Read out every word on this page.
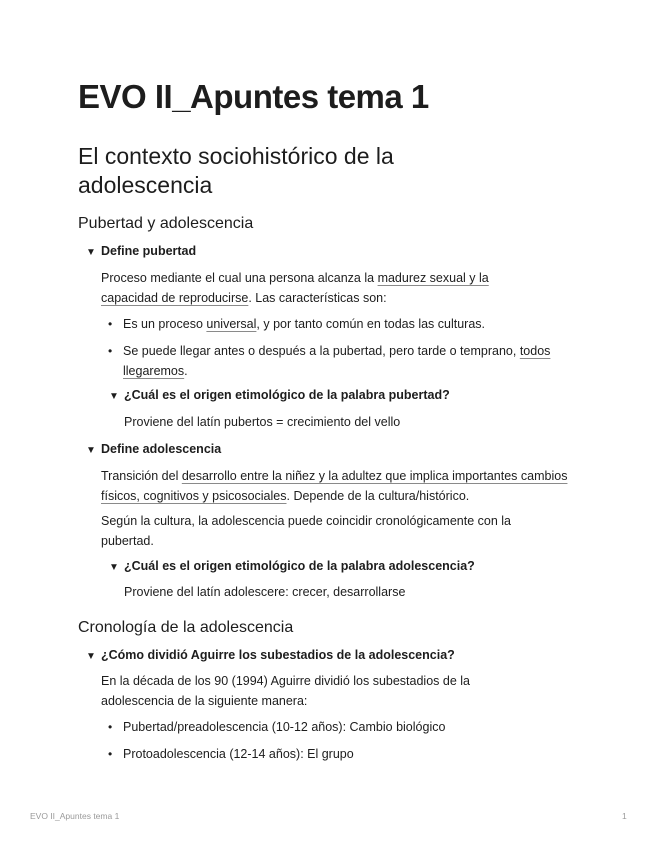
EVO II_Apuntes tema 1
El contexto sociohistórico de la adolescencia
Pubertad y adolescencia
▼ Define pubertad

Proceso mediante el cual una persona alcanza la madurez sexual y la capacidad de reproducirse. Las características son:

• Es un proceso universal, y por tanto común en todas las culturas.
• Se puede llegar antes o después a la pubertad, pero tarde o temprano, todos llegaremos.
▼ ¿Cuál es el origen etimológico de la palabra pubertad?

Proviene del latín pubertos = crecimiento del vello

▼ Define adolescencia

Transición del desarrollo entre la niñez y la adultez que implica importantes cambios físicos, cognitivos y psicosociales. Depende de la cultura/histórico.

Según la cultura, la adolescencia puede coincidir cronológicamente con la pubertad.

▼ ¿Cuál es el origen etimológico de la palabra adolescencia?

Proviene del latín adolescere: crecer, desarrollarse

Cronología de la adolescencia
▼ ¿Cómo dividió Aguirre los subestadios de la adolescencia?

En la década de los 90 (1994) Aguirre dividió los subestadios de la adolescencia de la siguiente manera:

• Pubertad/preadolescencia (10-12 años): Cambio biológico
• Protoadolescencia (12-14 años): El grupo
EVO II_Apuntes tema 1	1
